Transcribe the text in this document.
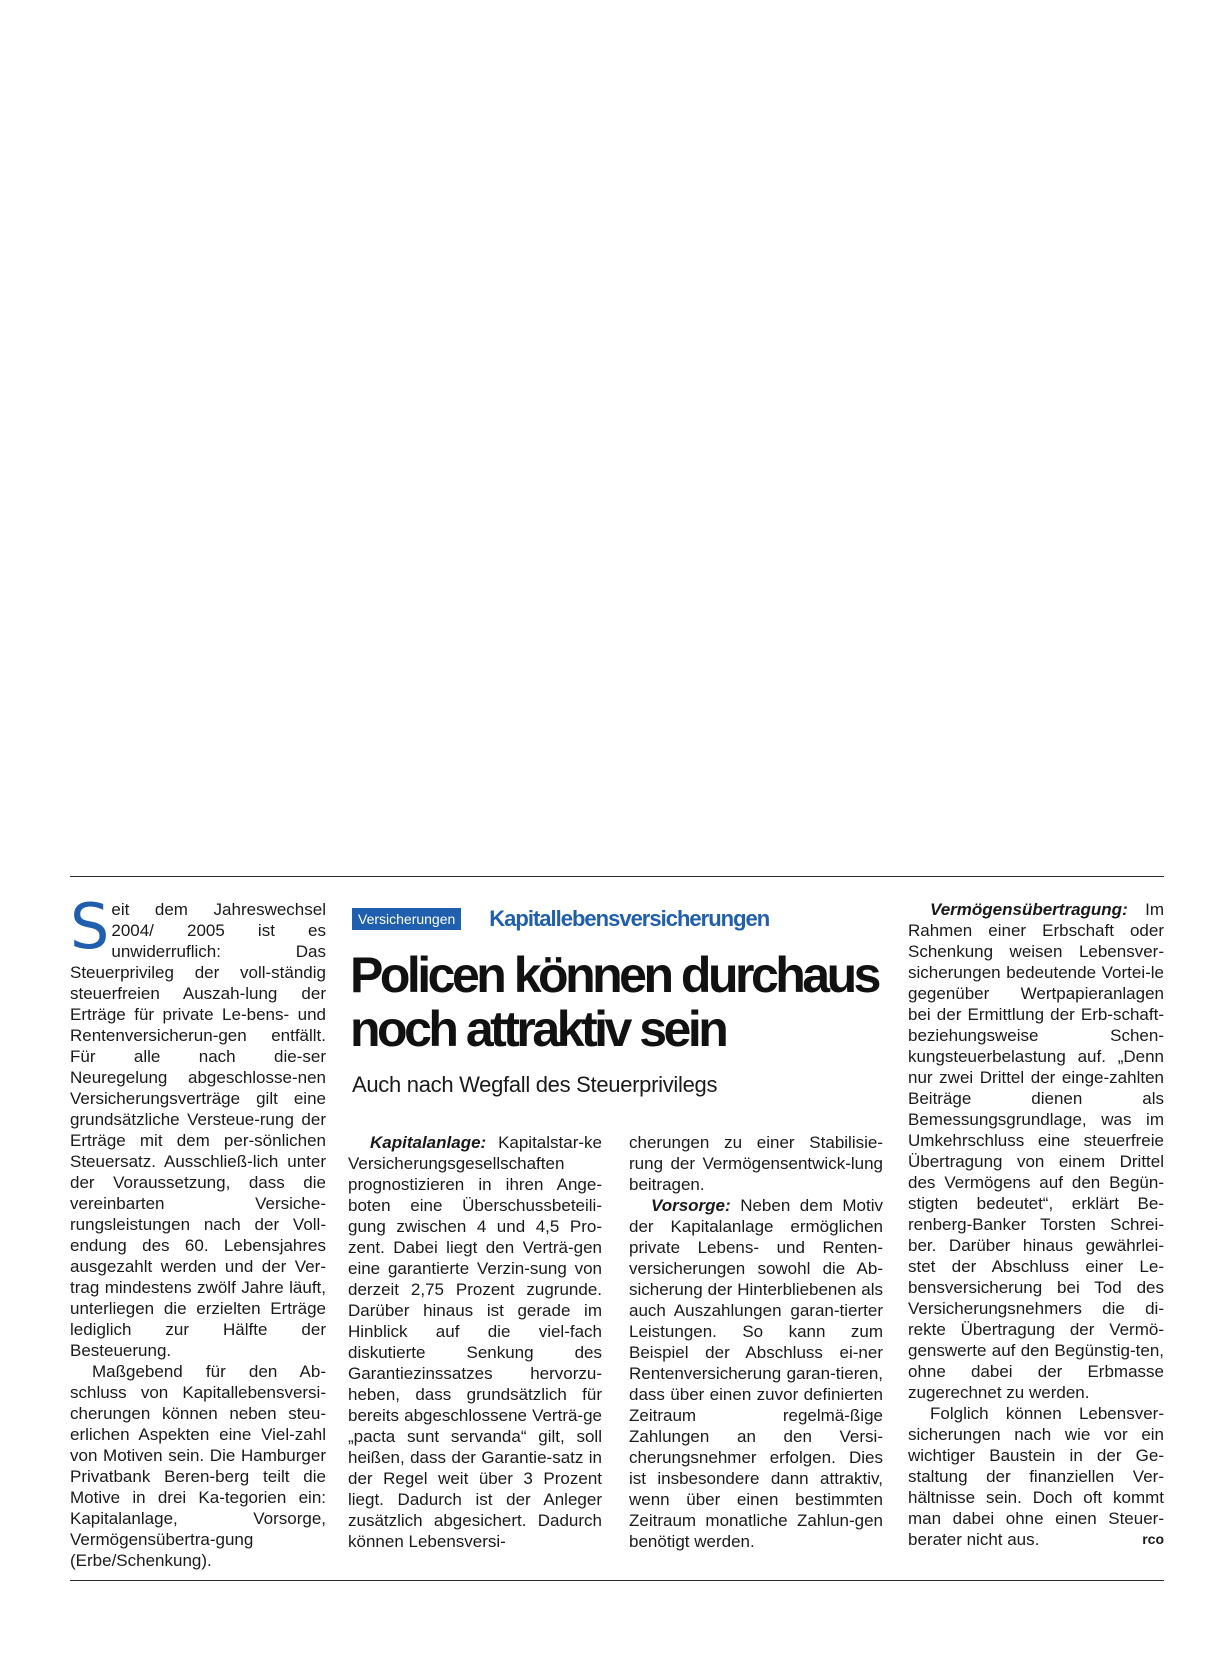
Seit dem Jahreswechsel 2004/ 2005 ist es unwiderruflich: Das Steuerprivileg der voll-ständig steuerfreien Auszah-lung der Erträge für private Le-bens- und Rentenversicherun-gen entfällt. Für alle nach die-ser Neuregelung abgeschlosse-nen Versicherungsverträge gilt eine grundsätzliche Versteue-rung der Erträge mit dem per-sönlichen Steuersatz. Ausschließ-lich unter der Voraussetzung, dass die vereinbarten Versiche-rungsleistungen nach der Voll-endung des 60. Lebensjahres ausgezahlt werden und der Ver-trag mindestens zwölf Jahre läuft, unterliegen die erzielten Erträge lediglich zur Hälfte der Besteuerung.

Maßgebend für den Ab-schluss von Kapitallebensversi-cherungen können neben steu-erlichen Aspekten eine Viel-zahl von Motiven sein. Die Hamburger Privatbank Beren-berg teilt die Motive in drei Ka-tegorien ein: Kapitalanlage, Vorsorge, Vermögensübertra-gung (Erbe/Schenkung).

Versicherungen Kapitallebensversicherungen
Policen können durchaus noch attraktiv sein
Auch nach Wegfall des Steuerprivilegs

Kapitalanlage: Kapitalstar-ke Versicherungsgesellschaften prognostizieren in ihren Ange-boten eine Überschussbeteili-gung zwischen 4 und 4,5 Pro-zent. Dabei liegt den Verträ-gen eine garantierte Verzin-sung von derzeit 2,75 Prozent zugrunde. Darüber hinaus ist gerade im Hinblick auf die viel-fach diskutierte Senkung des Garantiezinssatzes hervorzu-heben, dass grundsätzlich für bereits abgeschlossene Verträ-ge „pacta sunt servanda“ gilt, soll heißen, dass der Garantie-satz in der Regel weit über 3 Prozent liegt. Dadurch ist der Anleger zusätzlich abgesichert. Dadurch können Lebensversi-

cherungen zu einer Stabilisie-rung der Vermögensentwick-lung beitragen.

Vorsorge: Neben dem Motiv der Kapitalanlage ermöglichen private Lebens- und Renten-versicherungen sowohl die Ab-sicherung der Hinterbliebenen als auch Auszahlungen garan-tierter Leistungen. So kann zum Beispiel der Abschluss ei-ner Rentenversicherung garan-tieren, dass über einen zuvor definierten Zeitraum regelmä-ßige Zahlungen an den Versi-cherungsnehmer erfolgen. Dies ist insbesondere dann attraktiv, wenn über einen bestimmten Zeitraum monatliche Zahlun-gen benötigt werden.

Vermögensübertragung: Im Rahmen einer Erbschaft oder Schenkung weisen Lebensver-sicherungen bedeutende Vortei-le gegenüber Wertpapieranlagen bei der Ermittlung der Erb-schaft- beziehungsweise Schen-kungsteuerbelastung auf. „Denn nur zwei Drittel der einge-zahlten Beiträge dienen als Bemessungsgrundlage, was im Umkehrschluss eine steuerfreie Übertragung von einem Drittel des Vermögens auf den Begün-stigten bedeutet“, erklärt Be-renberg-Banker Torsten Schrei-ber. Darüber hinaus gewährlei-stet der Abschluss einer Le-bensversicherung bei Tod des Versicherungsnehmers die di-rekte Übertragung der Vermö-genswerte auf den Begünstig-ten, ohne dabei der Erbmasse zugerechnet zu werden.

Folglich können Lebensver-sicherungen nach wie vor ein wichtiger Baustein in der Ge-staltung der finanziellen Ver-hältnisse sein. Doch oft kommt man dabei ohne einen Steuer-berater nicht aus.	rco
